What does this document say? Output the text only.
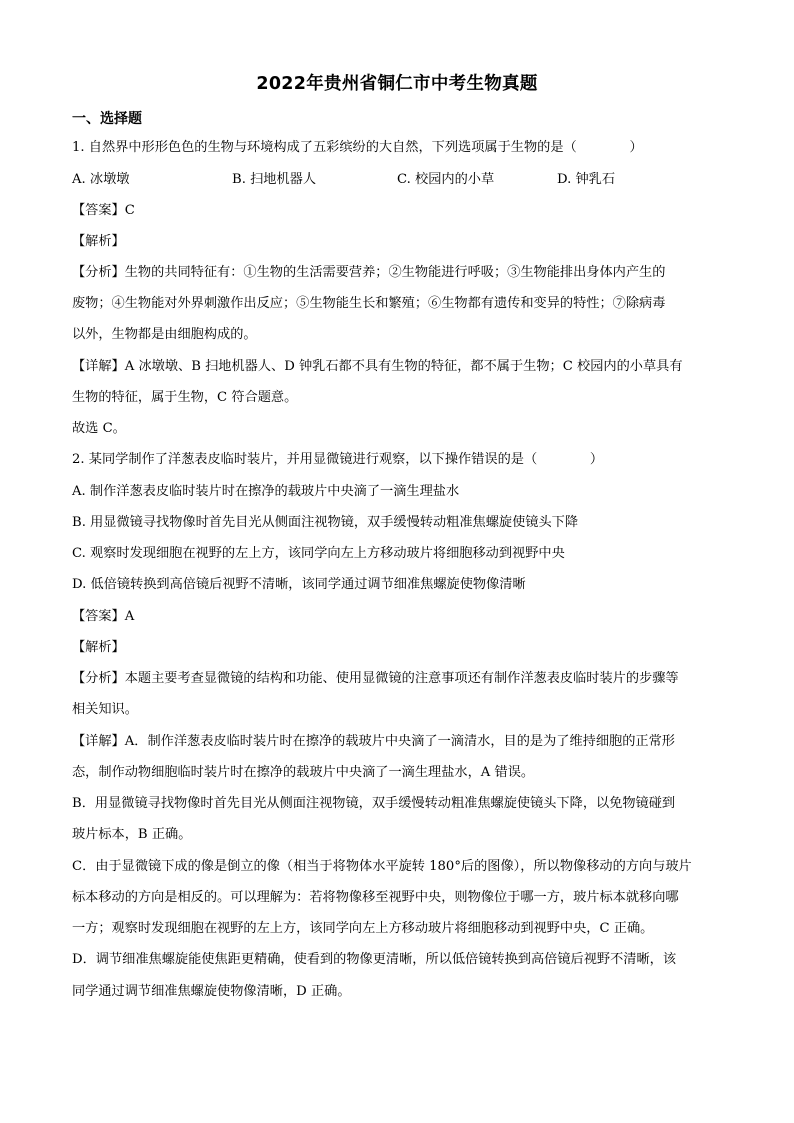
2022年贵州省铜仁市中考生物真题
一、选择题
1. 自然界中形形色色的生物与环境构成了五彩缤纷的大自然，下列选项属于生物的是（　　　　）
A. 冰墩墩	B. 扫地机器人	C. 校园内的小草	D. 钟乳石
【答案】C
【解析】
【分析】生物的共同特征有：①生物的生活需要营养；②生物能进行呼吸；③生物能排出身体内产生的
废物；④生物能对外界刺激作出反应；⑤生物能生长和繁殖；⑥生物都有遗传和变异的特性；⑦除病毒
以外，生物都是由细胞构成的。
【详解】A 冰墩墩、B 扫地机器人、D 钟乳石都不具有生物的特征，都不属于生物；C 校园内的小草具有
生物的特征，属于生物，C 符合题意。
故选 C。
2. 某同学制作了洋葱表皮临时装片，并用显微镜进行观察，以下操作错误的是（　　　　）
A. 制作洋葱表皮临时装片时在擦净的载玻片中央滴了一滴生理盐水
B. 用显微镜寻找物像时首先目光从侧面注视物镜，双手缓慢转动粗准焦螺旋使镜头下降
C. 观察时发现细胞在视野的左上方，该同学向左上方移动玻片将细胞移动到视野中央
D. 低倍镜转换到高倍镜后视野不清晰，该同学通过调节细准焦螺旋使物像清晰
【答案】A
【解析】
【分析】本题主要考查显微镜的结构和功能、使用显微镜的注意事项还有制作洋葱表皮临时装片的步骤等
相关知识。
【详解】A．制作洋葱表皮临时装片时在擦净的载玻片中央滴了一滴清水，目的是为了维持细胞的正常形
态，制作动物细胞临时装片时在擦净的载玻片中央滴了一滴生理盐水，A 错误。
B．用显微镜寻找物像时首先目光从侧面注视物镜，双手缓慢转动粗准焦螺旋使镜头下降，以免物镜碰到
玻片标本，B 正确。
C．由于显微镜下成的像是倒立的像（相当于将物体水平旋转 180°后的图像），所以物像移动的方向与玻片
标本移动的方向是相反的。可以理解为：若将物像移至视野中央，则物像位于哪一方，玻片标本就移向哪
一方；观察时发现细胞在视野的左上方，该同学向左上方移动玻片将细胞移动到视野中央，C 正确。
D．调节细准焦螺旋能使焦距更精确，使看到的物像更清晰，所以低倍镜转换到高倍镜后视野不清晰，该
同学通过调节细准焦螺旋使物像清晰，D 正确。
